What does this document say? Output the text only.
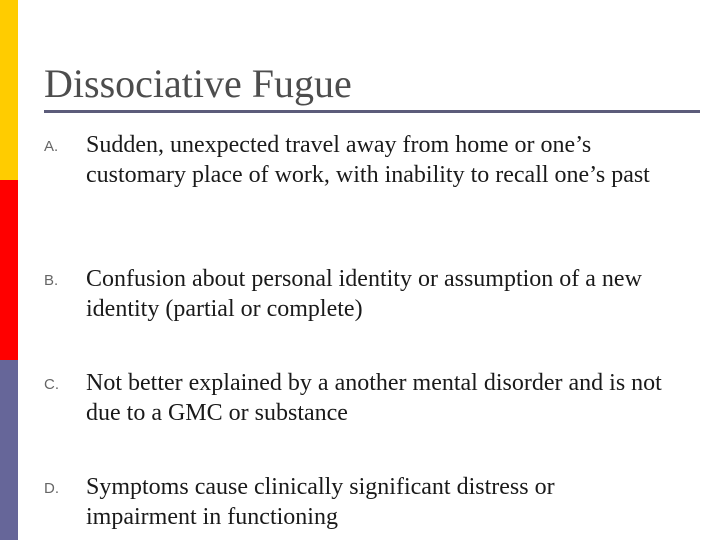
Dissociative Fugue
A. Sudden, unexpected travel away from home or one’s customary place of work, with inability to recall one’s past
B. Confusion about personal identity or assumption of a new identity (partial or complete)
C. Not better explained by a another mental disorder and is not due to a GMC or substance
D. Symptoms cause clinically significant distress or impairment in functioning
